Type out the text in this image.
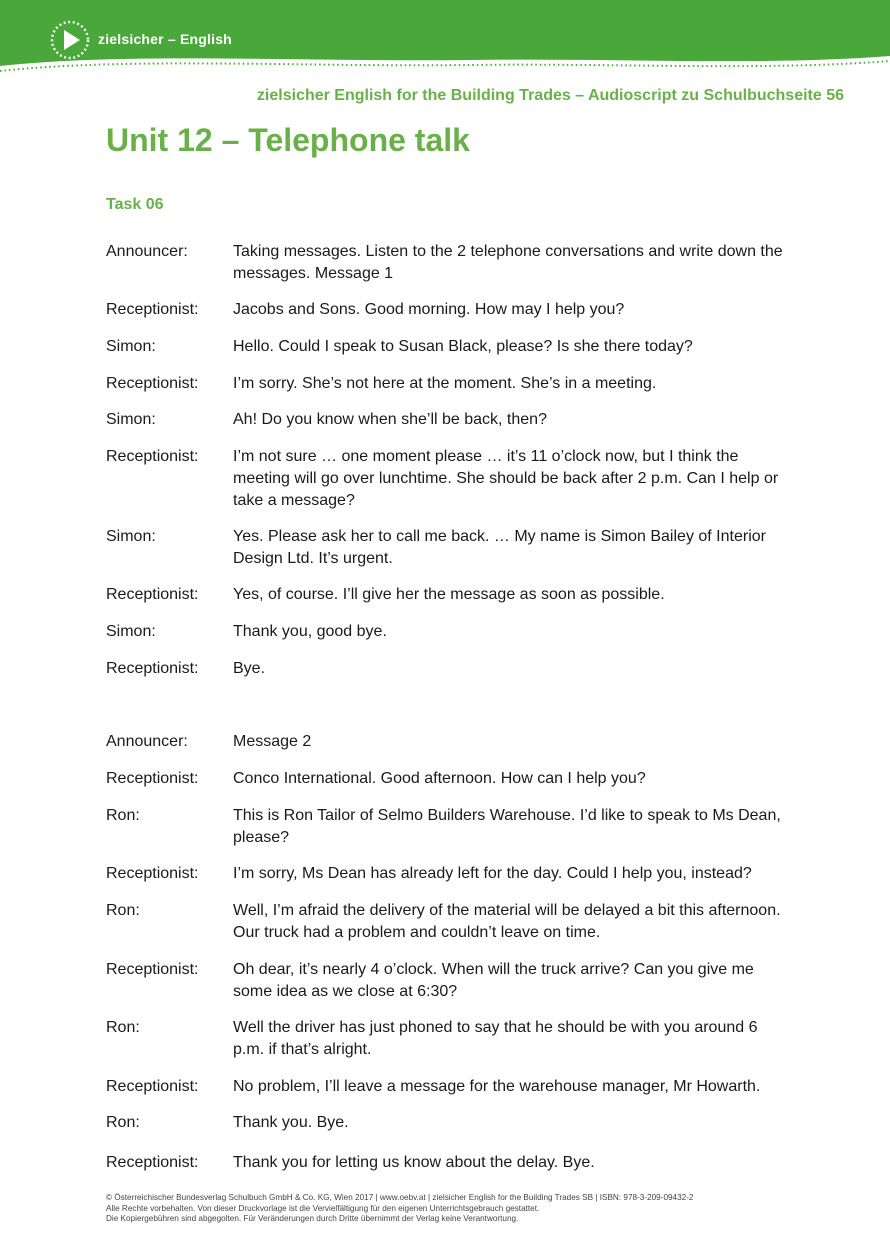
zielsicher – English
zielsicher English for the Building Trades – Audioscript zu Schulbuchseite 56
Unit 12 – Telephone talk
Task 06
Announcer:	Taking messages. Listen to the 2 telephone conversations and write down the messages. Message 1
Receptionist:	Jacobs and Sons. Good morning. How may I help you?
Simon:	Hello. Could I speak to Susan Black, please? Is she there today?
Receptionist:	I’m sorry. She’s not here at the moment. She’s in a meeting.
Simon:	Ah! Do you know when she’ll be back, then?
Receptionist:	I’m not sure … one moment please … it’s 11 o’clock now, but I think the meeting will go over lunchtime. She should be back after 2 p.m. Can I help or take a message?
Simon:	Yes. Please ask her to call me back. … My name is Simon Bailey of Interior Design Ltd. It’s urgent.
Receptionist:	Yes, of course. I’ll give her the message as soon as possible.
Simon:	Thank you, good bye.
Receptionist:	Bye.
Announcer:	Message 2
Receptionist:	Conco International. Good afternoon. How can I help you?
Ron:	This is Ron Tailor of Selmo Builders Warehouse. I’d like to speak to Ms Dean, please?
Receptionist:	I’m sorry, Ms Dean has already left for the day. Could I help you, instead?
Ron:	Well, I’m afraid the delivery of the material will be delayed a bit this afternoon. Our truck had a problem and couldn’t leave on time.
Receptionist:	Oh dear, it’s nearly 4 o’clock. When will the truck arrive? Can you give me some idea as we close at 6:30?
Ron:	Well the driver has just phoned to say that he should be with you around 6 p.m. if that’s alright.
Receptionist:	No problem, I’ll leave a message for the warehouse manager, Mr Howarth.
Ron:	Thank you. Bye.
Receptionist:	Thank you for letting us know about the delay. Bye.
© Österreichischer Bundesverlag Schulbuch GmbH & Co. KG, Wien 2017 | www.oebv.at | zielsicher English for the Building Trades SB | ISBN: 978-3-209-09432-2
Alle Rechte vorbehalten. Von dieser Druckvorlage ist die Vervielfältigung für den eigenen Unterrichtsgebrauch gestattet.
Die Kopiergebühren sind abgegolten. Für Veränderungen durch Dritte übernimmt der Verlag keine Verantwortung.
